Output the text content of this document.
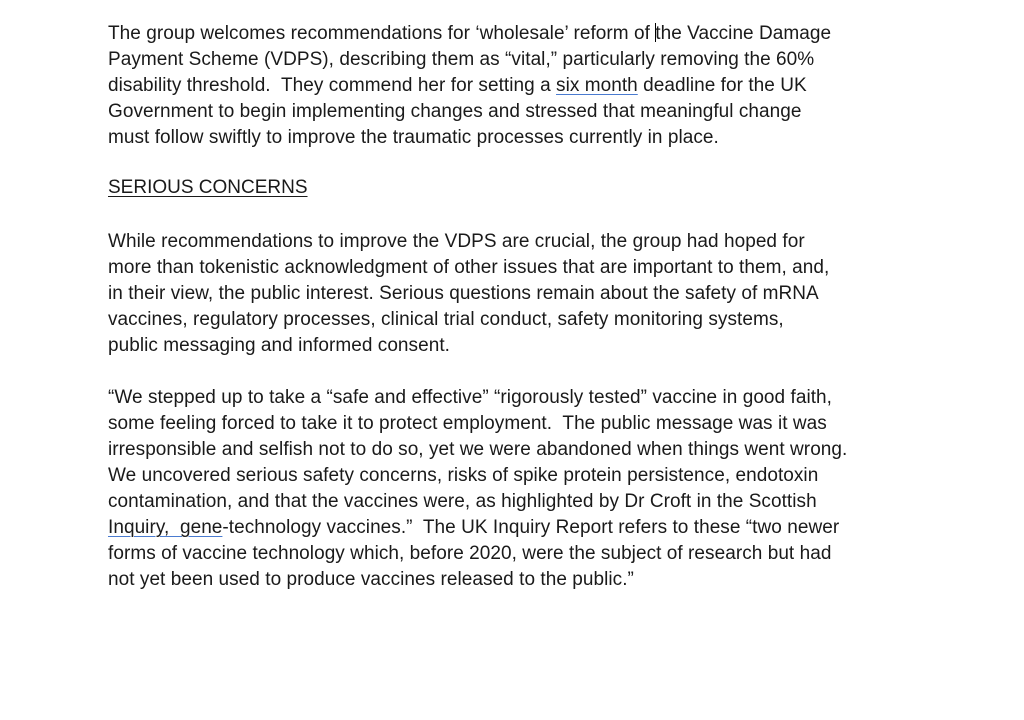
The group welcomes recommendations for ‘wholesale’ reform of the Vaccine Damage
Payment Scheme (VDPS), describing them as “vital,” particularly removing the 60%
disability threshold.  They commend her for setting a six month deadline for the UK
Government to begin implementing changes and stressed that meaningful change
must follow swiftly to improve the traumatic processes currently in place.

SERIOUS CONCERNS

While recommendations to improve the VDPS are crucial, the group had hoped for
more than tokenistic acknowledgment of other issues that are important to them, and,
in their view, the public interest. Serious questions remain about the safety of mRNA
vaccines, regulatory processes, clinical trial conduct, safety monitoring systems,
public messaging and informed consent.

“We stepped up to take a “safe and effective” “rigorously tested” vaccine in good faith,
some feeling forced to take it to protect employment.  The public message was it was
irresponsible and selfish not to do so, yet we were abandoned when things went wrong.
We uncovered serious safety concerns, risks of spike protein persistence, endotoxin
contamination, and that the vaccines were, as highlighted by Dr Croft in the Scottish
Inquiry,  gene-technology vaccines.”  The UK Inquiry Report refers to these “two newer
forms of vaccine technology which, before 2020, were the subject of research but had
not yet been used to produce vaccines released to the public.”
